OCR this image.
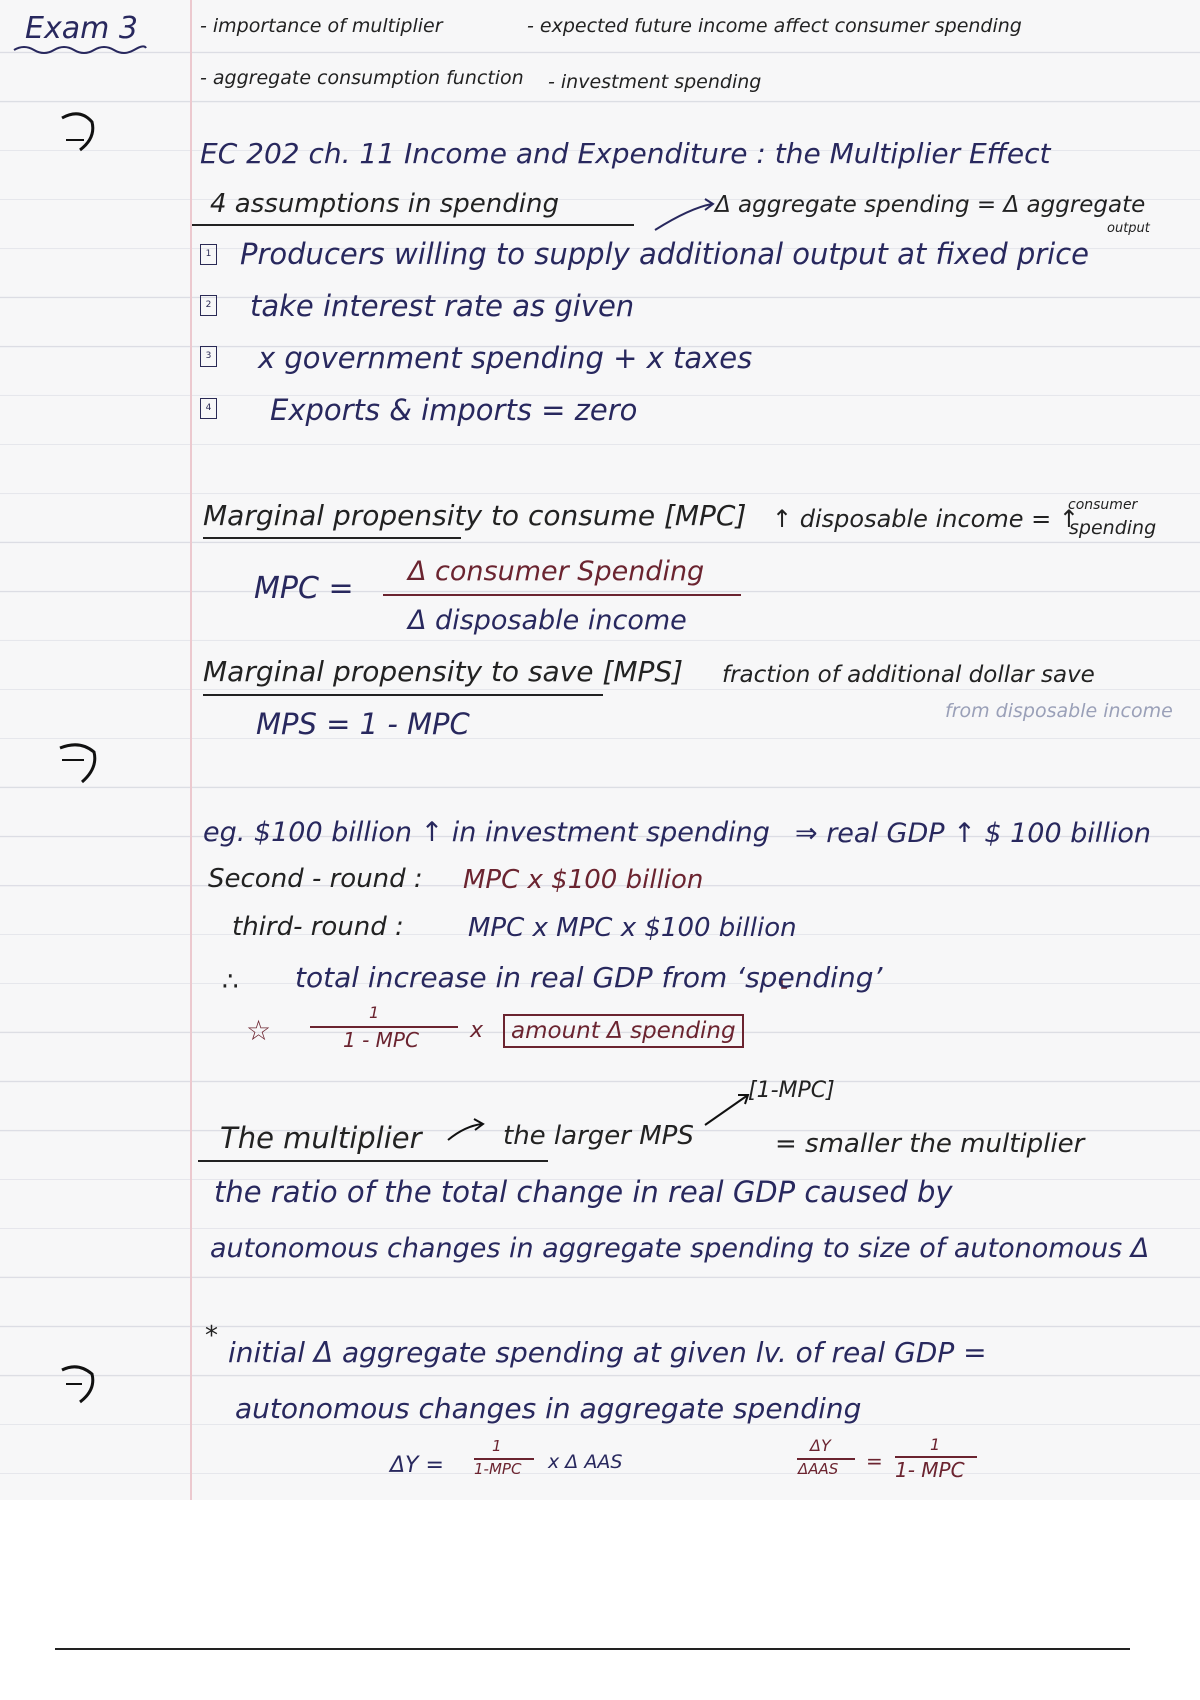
Exam 3	- importance of multiplier	- expected future income affect consumer spending
- aggregate consumption function - investment spending
EC 202 ch. 11 Income and Expenditure : the Multiplier Effect
4 assumptions in spending	Δ aggregate spending = Δ aggregate
output
1 Producers willing to supply additional output at fixed price
2 take interest rate as given
3 x government spending + x taxes
4 Exports & imports = zero
Marginal propensity to consume [MPC] ↑ disposable income = ↑
consumer
spending
MPC = Δ consumer Spending
Δ disposable income
Marginal propensity to save [MPS] fraction of additional dollar save
from disposable income
MPS = 1 - MPC
eg. $100 billion ↑ in investment spending ⇒ real GDP ↑ $ 100 billion
Second - round : MPC x $100 billion
third- round : MPC x MPC x $100 billion
∴ total increase in real GDP from ‘spending’
☆
1
1 - MPC x	amount Δ spending
[1-MPC]
The multiplier	the larger MPS	= smaller the multiplier
the ratio of the total change in real GDP caused by
autonomous changes in aggregate spending to size of autonomous Δ
* initial Δ aggregate spending at given lv. of real GDP =
autonomous changes in aggregate spending
ΔY =
1
1-MPC x Δ AAS
ΔY
ΔAAS =
1
1- MPC
